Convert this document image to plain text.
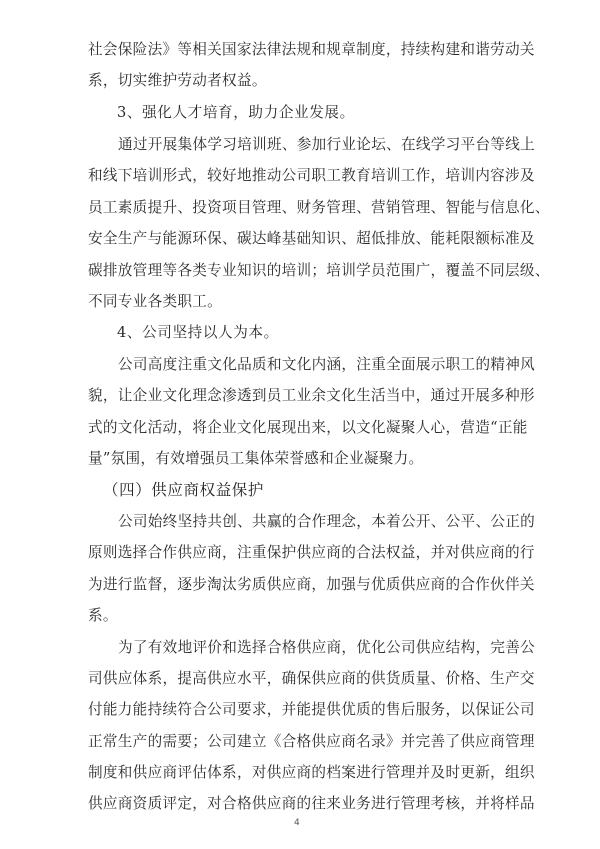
社会保险法》等相关国家法律法规和规章制度，持续构建和谐劳动关
系，切实维护劳动者权益。
3、强化人才培育，助力企业发展。
通过开展集体学习培训班、参加行业论坛、在线学习平台等线上
和线下培训形式，较好地推动公司职工教育培训工作，培训内容涉及
员工素质提升、投资项目管理、财务管理、营销管理、智能与信息化、
安全生产与能源环保、碳达峰基础知识、超低排放、能耗限额标准及
碳排放管理等各类专业知识的培训；培训学员范围广，覆盖不同层级、
不同专业各类职工。
4、公司坚持以人为本。
公司高度注重文化品质和文化内涵，注重全面展示职工的精神风
貌，让企业文化理念渗透到员工业余文化生活当中，通过开展多种形
式的文化活动，将企业文化展现出来，以文化凝聚人心，营造“正能
量”氛围，有效增强员工集体荣誉感和企业凝聚力。
（四）供应商权益保护
公司始终坚持共创、共赢的合作理念，本着公开、公平、公正的
原则选择合作供应商，注重保护供应商的合法权益，并对供应商的行
为进行监督，逐步淘汰劣质供应商，加强与优质供应商的合作伙伴关
系。
为了有效地评价和选择合格供应商，优化公司供应结构，完善公
司供应体系，提高供应水平，确保供应商的供货质量、价格、生产交
付能力能持续符合公司要求，并能提供优质的售后服务，以保证公司
正常生产的需要；公司建立《合格供应商名录》并完善了供应商管理
制度和供应商评估体系，对供应商的档案进行管理并及时更新，组织
供应商资质评定，对合格供应商的往来业务进行管理考核，并将样品
4
